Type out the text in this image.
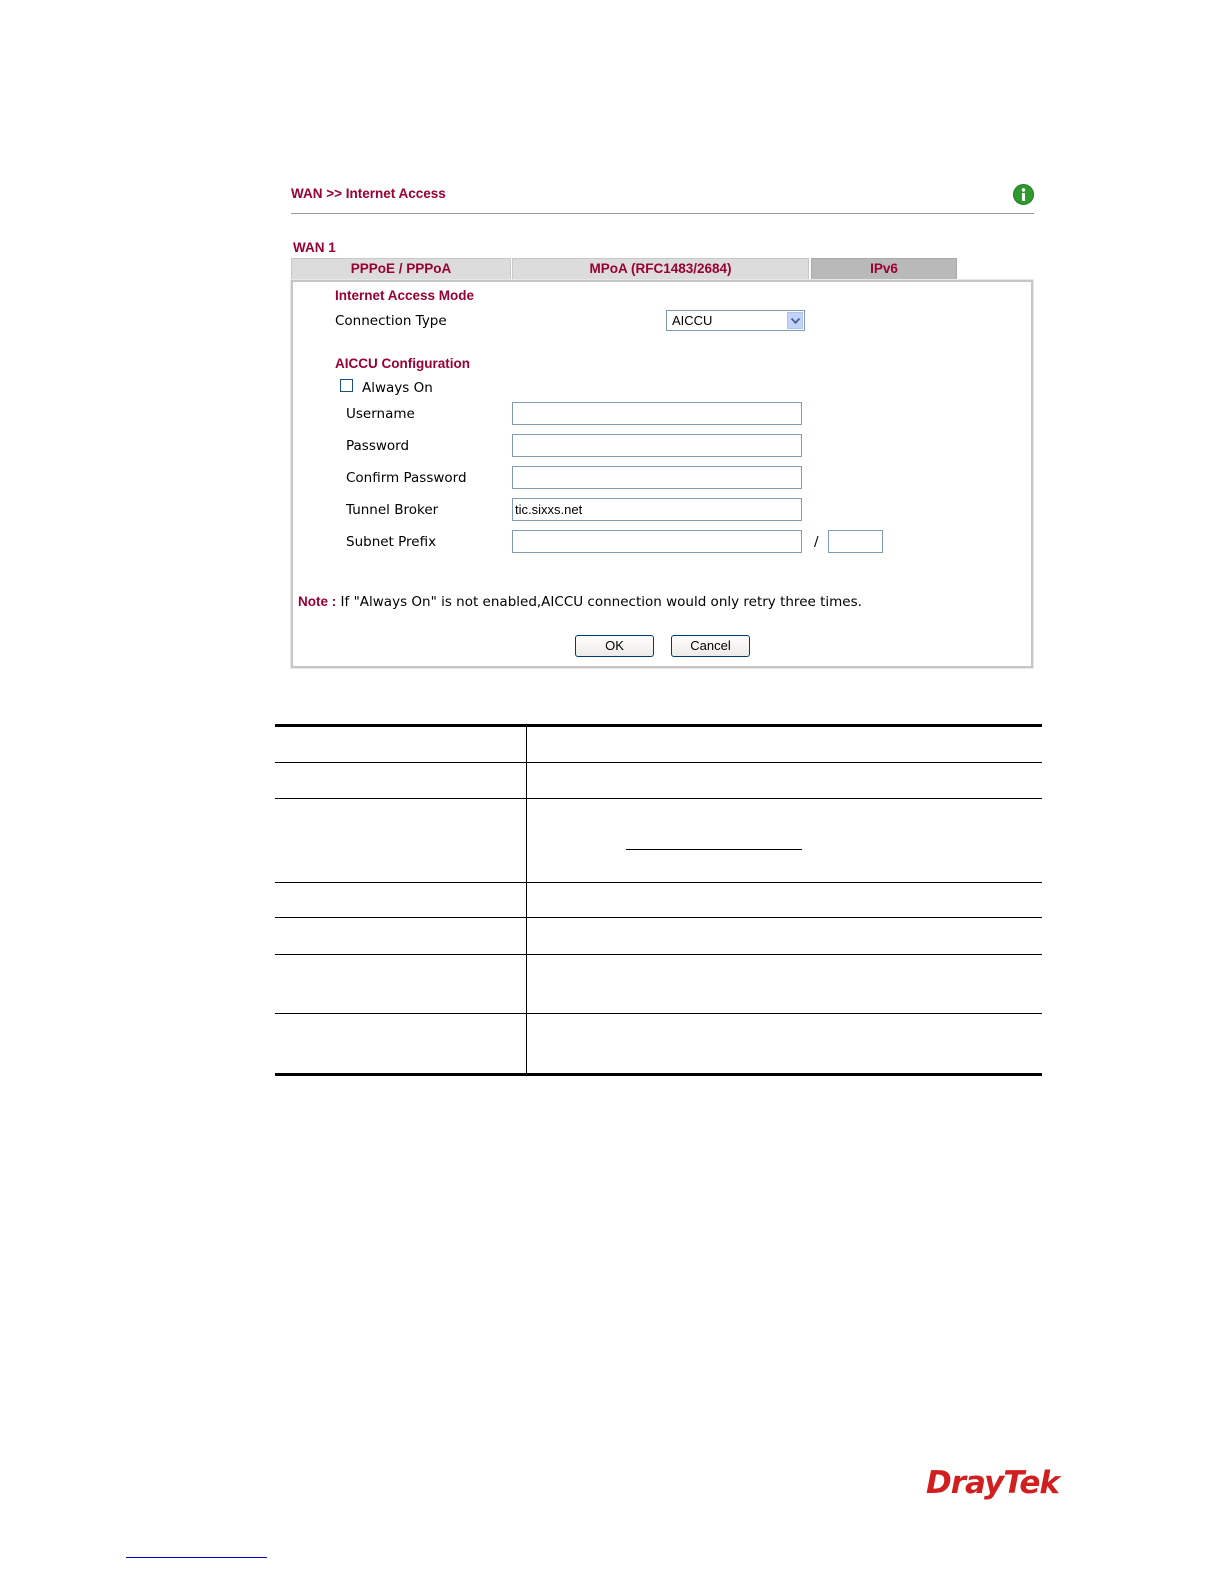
WAN >> Internet Access
WAN 1
PPPoE / PPPoA	MPoA (RFC1483/2684)	IPv6
Internet Access Mode
Connection Type	AICCU
AICCU Configuration
Always On
Username
Password
Confirm Password
Tunnel Broker	tic.sixxs.net
Subnet Prefix	/
Note : If "Always On" is not enabled,AICCU connection would only retry three times.
OK	Cancel
DrayTek
